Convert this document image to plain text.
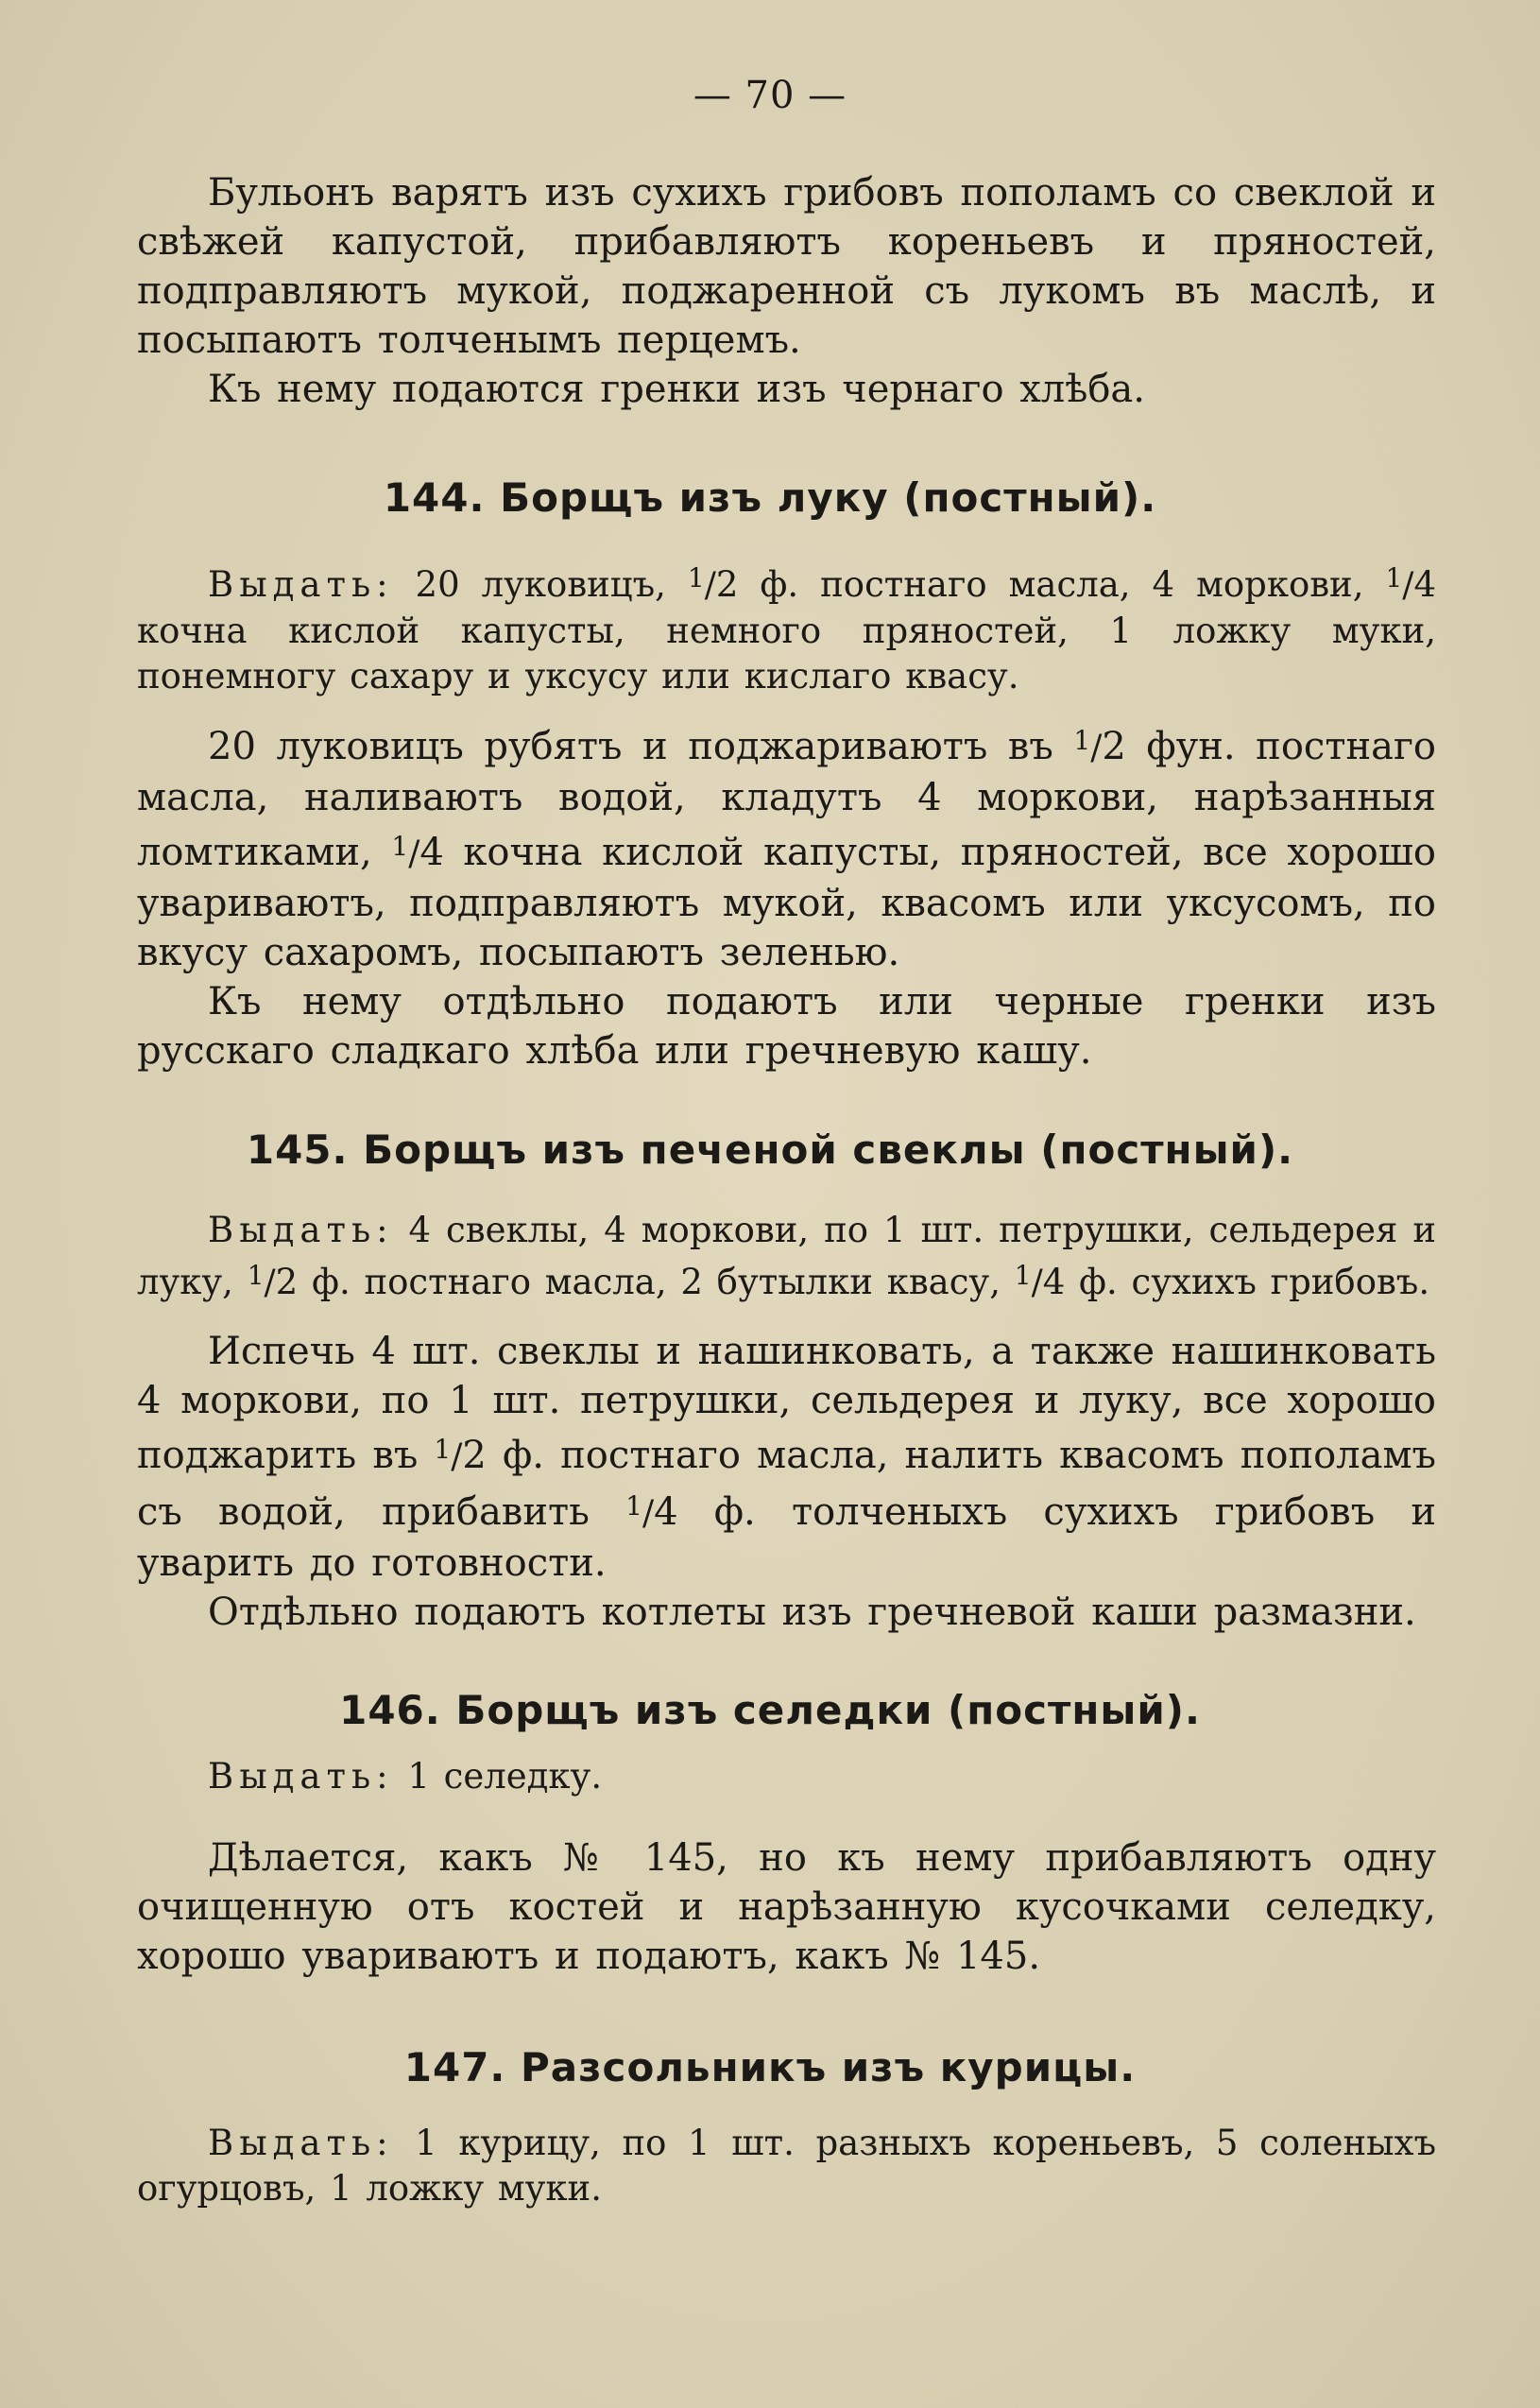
— 70 —

Бульонъ варятъ изъ сухихъ грибовъ пополамъ со свеклой и свѣжей капустой, прибавляютъ кореньевъ и пряностей, подправляютъ мукой, поджаренной съ лукомъ въ маслѣ, и посыпаютъ толченымъ перцемъ.

Къ нему подаются гренки изъ чернаго хлѣба.

144. Борщъ изъ луку (постный).

Выдать: 20 луковицъ, $^1$/2 ф. постнаго масла, 4 моркови, $^1$/4 кочна кислой капусты, немного пряностей, 1 ложку муки, понемногу сахару и уксусу или кислаго квасу.

20 луковицъ рубятъ и поджариваютъ въ $^1$/2 фун. постнаго масла, наливаютъ водой, кладутъ 4 моркови, нарѣзанныя ломтиками, $^1$/4 кочна кислой капусты, пряностей, все хорошо увариваютъ, подправляютъ мукой, квасомъ или уксусомъ, по вкусу сахаромъ, посыпаютъ зеленью.

Къ нему отдѣльно подаютъ или черные гренки изъ русскаго сладкаго хлѣба или гречневую кашу.

145. Борщъ изъ печеной свеклы (постный).

Выдать: 4 свеклы, 4 моркови, по 1 шт. петрушки, сельдерея и луку, $^1$/2 ф. постнаго масла, 2 бутылки квасу, $^1$/4 ф. сухихъ грибовъ.

Испечь 4 шт. свеклы и нашинковать, а также нашинковать 4 моркови, по 1 шт. петрушки, сельдерея и луку, все хорошо поджарить въ $^1$/2 ф. постнаго масла, налить квасомъ пополамъ съ водой, прибавить $^1$/4 ф. толченыхъ сухихъ грибовъ и уварить до готовности.

Отдѣльно подаютъ котлеты изъ гречневой каши размазни.

146. Борщъ изъ селедки (постный).

Выдать: 1 селедку.

Дѣлается, какъ № 145, но къ нему прибавляютъ одну очищенную отъ костей и нарѣзанную кусочками селедку, хорошо увариваютъ и подаютъ, какъ № 145.

147. Разсольникъ изъ курицы.

Выдать: 1 курицу, по 1 шт. разныхъ кореньевъ, 5 соленыхъ огурцовъ, 1 ложку муки.
